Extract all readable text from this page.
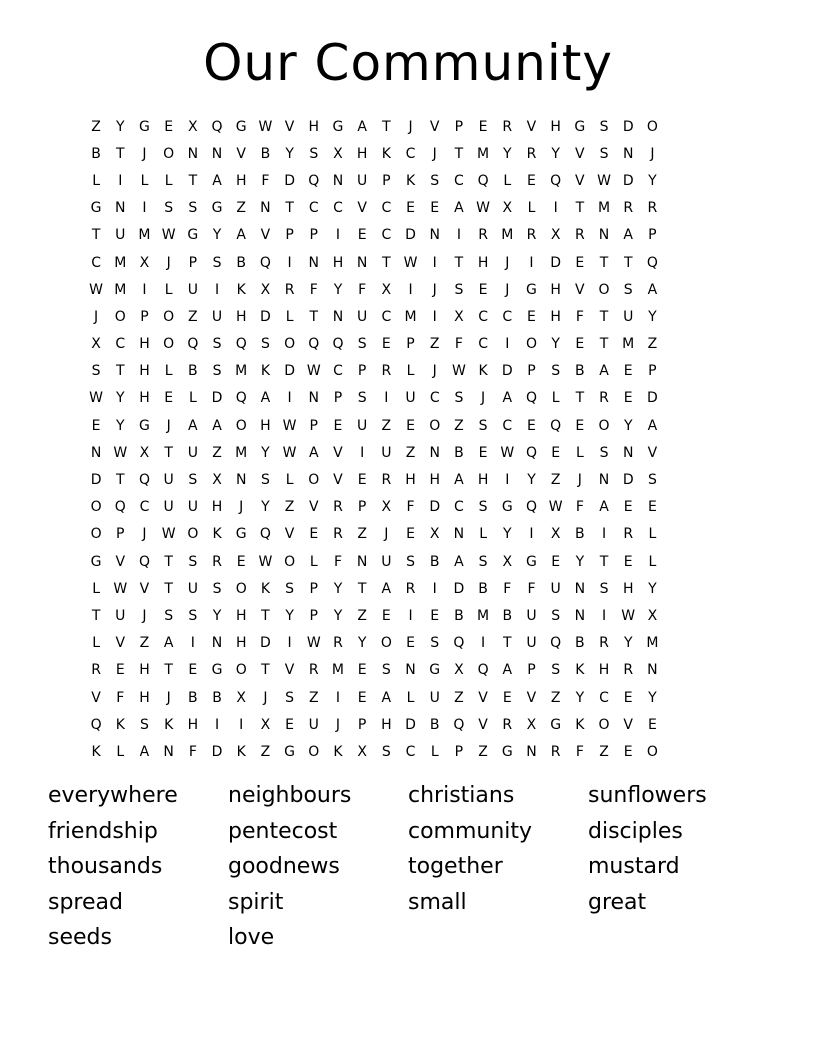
Our Community
Z	Y	G	E	X Q G W V	H G A	T	J	V	P	E	R	V	H G	S	D O
B	T	J	O N N	V	B	Y	S	X	H	K	C	J	T M Y	R	Y	V	S	N	J
L	I	L	L	T	A	H	F	D Q N U	P	K	S	C Q	L	E	Q V W D	Y
G N	I	S	S	G Z	N	T	C	C	V	C	E	E	A W X	L	I	T M R	R
T	U M W G	Y	A	V	P	P	I	E	C D N	I	R M R	X	R	N	A	P
C M X	J	P	S	B Q	I	N H N	T W	I	T	H	J	I	D	E	T	T	Q
W M	I	L	U	I	K	X	R	F	Y	F	X	I	J	S	E	J	G H	V O	S	A
J	O	P	O Z	U H D	L	T	N U	C M	I	X	C	C	E	H	F	T	U	Y
X	C	H O Q	S	Q	S	O Q Q	S	E	P	Z	F	C	I	O	Y	E	T M Z
S	T	H	L	B	S M K	D W C	P	R	L	J	W K	D	P	S	B	A	E	P
W Y	H	E	L	D Q A	I	N	P	S	I	U	C	S	J	A Q	L	T	R	E	D
E	Y	G	J	A	A O H W P	E	U	Z	E	O Z	S	C	E	Q	E	O	Y	A
N W X	T	U	Z M Y W A	V	I	U	Z	N	B	E W Q	E	L	S	N	V
D	T	Q U	S	X	N	S	L	O V	E	R	H H	A	H	I	Y	Z	J	N D	S
O Q C	U U H	J	Y	Z	V	R	P	X	F	D C	S	G Q W F	A	E	E
O	P	J	W O	K	G Q V	E	R	Z	J	E	X	N	L	Y	I	X	B	I	R	L
G V Q	T	S	R	E W O	L	F	N U	S	B	A	S	X G	E	Y	T	E	L
L W V	T	U	S	O	K	S	P	Y	T	A	R	I	D B	F	F	U N	S	H	Y
T	U	J	S	S	Y	H	T	Y	P	Y	Z	E	I	E	B M B	U	S	N	I	W X
L	V	Z	A	I	N H D	I	W R	Y	O	E	S	Q	I	T	U Q B	R	Y M
R	E	H	T	E	G O	T	V	R M E	S	N G X Q A	P	S	K	H	R	N
V	F	H	J	B	B	X	J	S	Z	I	E	A	L	U	Z	V	E	V	Z	Y	C	E	Y
Q	K	S	K	H	I	I	X	E	U	J	P	H D B Q V	R	X G	K	O V	E
K	L	A	N	F	D	K	Z G O	K	X	S	C	L	P	Z G N	R	F	Z	E	O
everywhere	neighbours	christians	sunflowers
friendship	pentecost	community	disciples
thousands	goodnews	together	mustard
spread	spirit	small	great
seeds	love
